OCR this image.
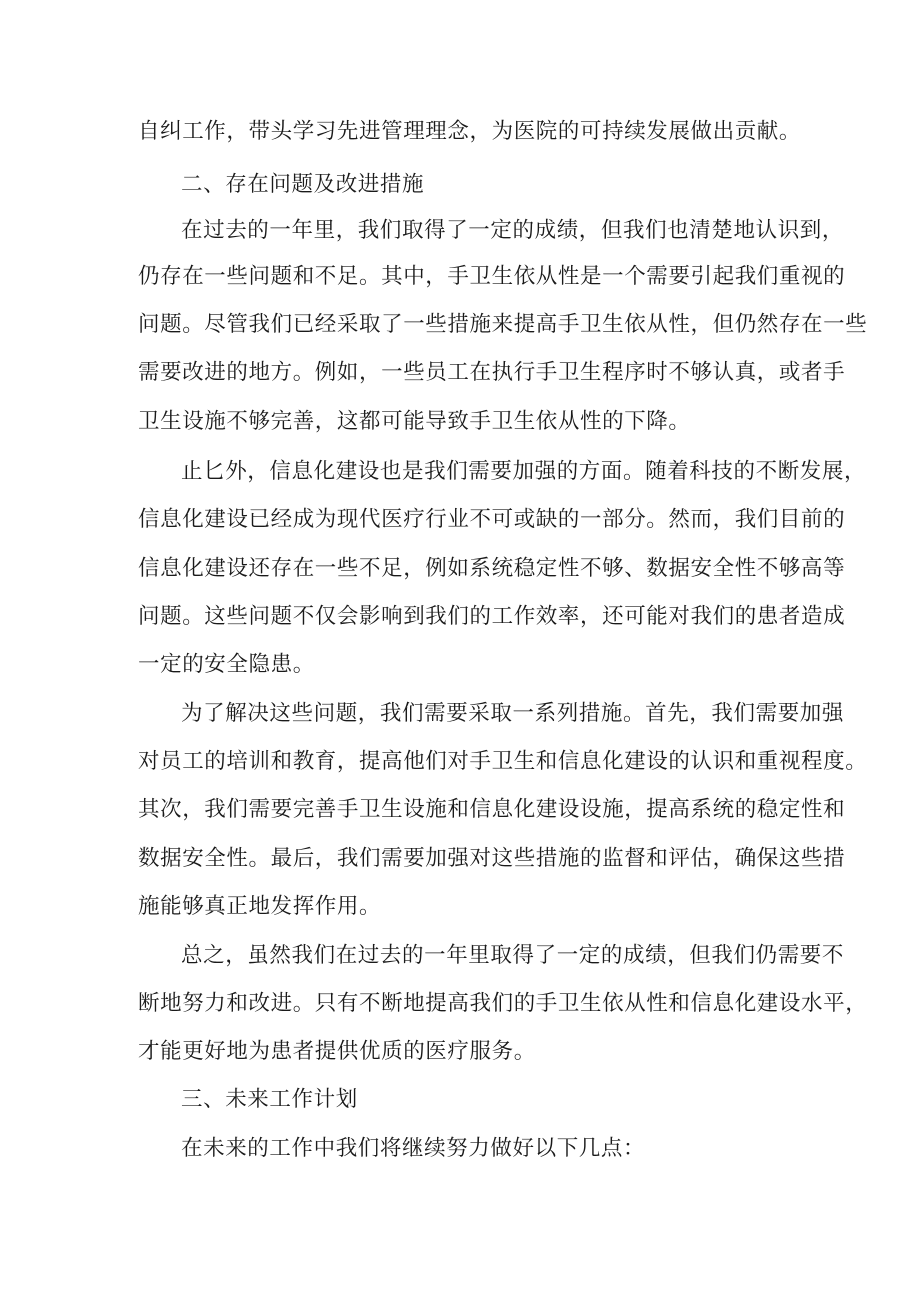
自纠工作，带头学习先进管理理念，为医院的可持续发展做出贡献。
二、存在问题及改进措施
在过去的一年里，我们取得了一定的成绩，但我们也清楚地认识到，
仍存在一些问题和不足。其中，手卫生依从性是一个需要引起我们重视的
问题。尽管我们已经采取了一些措施来提高手卫生依从性，但仍然存在一些
需要改进的地方。例如，一些员工在执行手卫生程序时不够认真，或者手
卫生设施不够完善，这都可能导致手卫生依从性的下降。
止匕外，信息化建设也是我们需要加强的方面。随着科技的不断发展，
信息化建设已经成为现代医疗行业不可或缺的一部分。然而，我们目前的
信息化建设还存在一些不足，例如系统稳定性不够、数据安全性不够高等
问题。这些问题不仅会影响到我们的工作效率，还可能对我们的患者造成
一定的安全隐患。
为了解决这些问题，我们需要采取一系列措施。首先，我们需要加强
对员工的培训和教育，提高他们对手卫生和信息化建设的认识和重视程度。
其次，我们需要完善手卫生设施和信息化建设设施，提高系统的稳定性和
数据安全性。最后，我们需要加强对这些措施的监督和评估，确保这些措
施能够真正地发挥作用。
总之，虽然我们在过去的一年里取得了一定的成绩，但我们仍需要不
断地努力和改进。只有不断地提高我们的手卫生依从性和信息化建设水平，
才能更好地为患者提供优质的医疗服务。
三、未来工作计划
在未来的工作中我们将继续努力做好以下几点：
